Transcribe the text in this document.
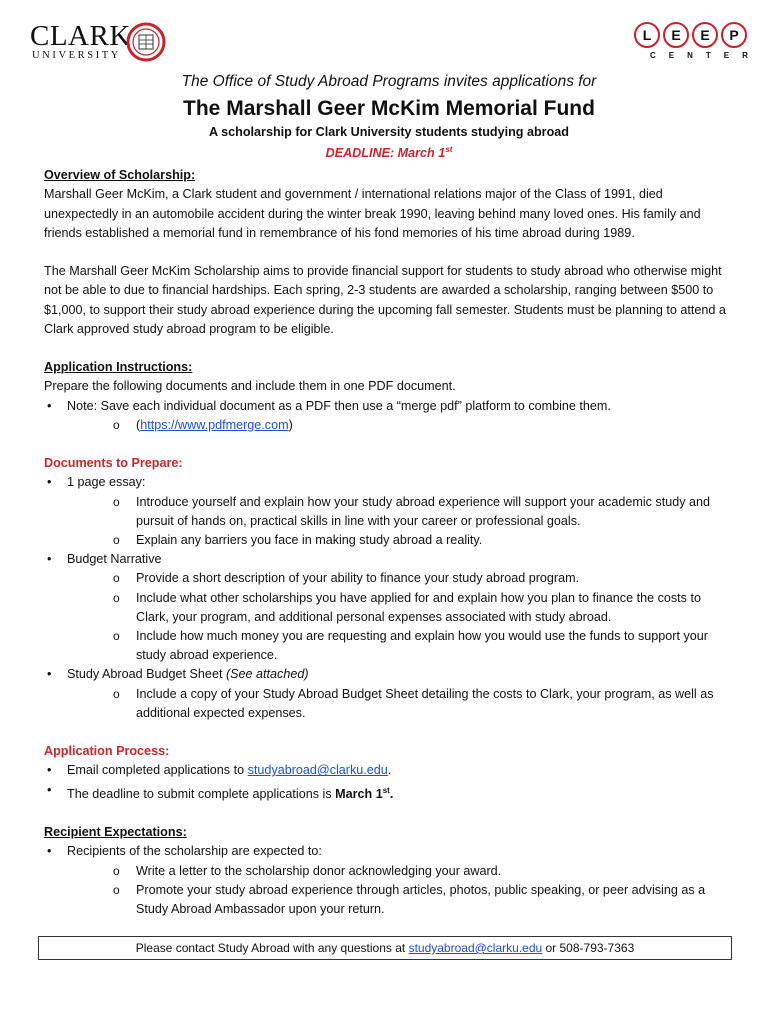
CLARK
UNIVERSITY
L	E	E	P
CENTER

The Office of Study Abroad Programs invites applications for

The Marshall Geer McKim Memorial Fund

A scholarship for Clark University students studying abroad

DEADLINE: March 1st

Overview of Scholarship:

Marshall Geer McKim, a Clark student and government / international relations major of the Class of 1991, died unexpectedly in an automobile accident during the winter break 1990, leaving behind many loved ones. His family and friends established a memorial fund in remembrance of his fond memories of his time abroad during 1989.

The Marshall Geer McKim Scholarship aims to provide financial support for students to study abroad who otherwise might not be able to due to financial hardships. Each spring, 2-3 students are awarded a scholarship, ranging between $500 to $1,000, to support their study abroad experience during the upcoming fall semester. Students must be planning to attend a Clark approved study abroad program to be eligible.

Application Instructions:

Prepare the following documents and include them in one PDF document.

• Note: Save each individual document as a PDF then use a “merge pdf” platform to combine them.
o (https://www.pdfmerge.com)
Documents to Prepare:
• 1 page essay:
o Introduce yourself and explain how your study abroad experience will support your academic study and pursuit of hands on, practical skills in line with your career or professional goals.
o Explain any barriers you face in making study abroad a reality.
• Budget Narrative
o Provide a short description of your ability to finance your study abroad program.
o Include what other scholarships you have applied for and explain how you plan to finance the costs to Clark, your program, and additional personal expenses associated with study abroad.
o Include how much money you are requesting and explain how you would use the funds to support your study abroad experience.
• Study Abroad Budget Sheet (See attached)
o Include a copy of your Study Abroad Budget Sheet detailing the costs to Clark, your program, as well as additional expected expenses.
Application Process:
• Email completed applications to studyabroad@clarku.edu.
• The deadline to submit complete applications is March 1st.
Recipient Expectations:
• Recipients of the scholarship are expected to:
o Write a letter to the scholarship donor acknowledging your award.
o Promote your study abroad experience through articles, photos, public speaking, or peer advising as a Study Abroad Ambassador upon your return.
Please contact Study Abroad with any questions at studyabroad@clarku.edu or 508-793-7363
